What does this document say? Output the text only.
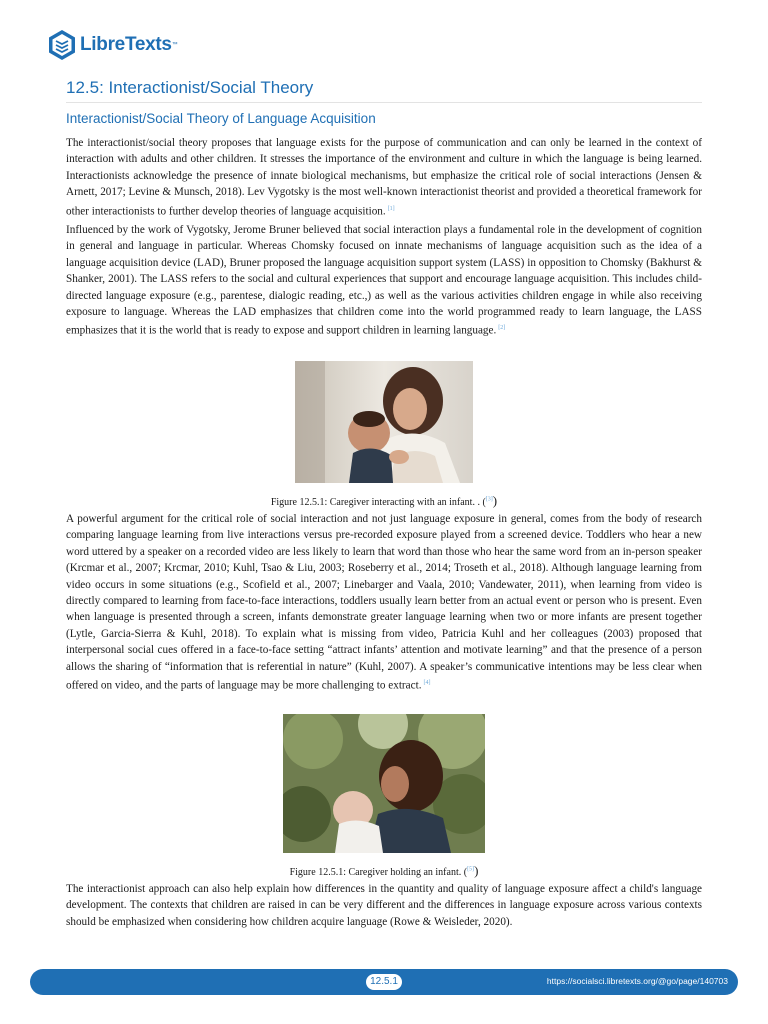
LibreTexts ™
12.5: Interactionist/Social Theory
Interactionist/Social Theory of Language Acquisition

The interactionist/social theory proposes that language exists for the purpose of communication and can only be learned in the context of interaction with adults and other children. It stresses the importance of the environment and culture in which the language is being learned. Interactionists acknowledge the presence of innate biological mechanisms, but emphasize the critical role of social interactions (Jensen & Arnett, 2017; Levine & Munsch, 2018). Lev Vygotsky is the most well-known interactionist theorist and provided a theoretical framework for other interactionists to further develop theories of language acquisition. [1]

Influenced by the work of Vygotsky, Jerome Bruner believed that social interaction plays a fundamental role in the development of cognition in general and language in particular. Whereas Chomsky focused on innate mechanisms of language acquisition such as the idea of a language acquisition device (LAD), Bruner proposed the language acquisition support system (LASS) in opposition to Chomsky (Bakhurst & Shanker, 2001). The LASS refers to the social and cultural experiences that support and encourage language acquisition. This includes child-directed language exposure (e.g., parentese, dialogic reading, etc.,) as well as the various activities children engage in while also receiving exposure to language. Whereas the LAD emphasizes that children come into the world programmed ready to learn language, the LASS emphasizes that it is the world that is ready to expose and support children in learning language. [2]

Figure 12.5.1: Caregiver interacting with an infant. . ([3])

A powerful argument for the critical role of social interaction and not just language exposure in general, comes from the body of research comparing language learning from live interactions versus pre-recorded exposure played from a screened device. Toddlers who hear a new word uttered by a speaker on a recorded video are less likely to learn that word than those who hear the same word from an in-person speaker (Krcmar et al., 2007; Krcmar, 2010; Kuhl, Tsao & Liu, 2003; Roseberry et al., 2014; Troseth et al., 2018). Although language learning from video occurs in some situations (e.g., Scofield et al., 2007; Linebarger and Vaala, 2010; Vandewater, 2011), when learning from video is directly compared to learning from face-to-face interactions, toddlers usually learn better from an actual event or person who is present. Even when language is presented through a screen, infants demonstrate greater language learning when two or more infants are present together (Lytle, Garcia-Sierra & Kuhl, 2018). To explain what is missing from video, Patricia Kuhl and her colleagues (2003) proposed that interpersonal social cues offered in a face-to-face setting “attract infants’ attention and motivate learning” and that the presence of a person allows the sharing of “information that is referential in nature” (Kuhl, 2007). A speaker’s communicative intentions may be less clear when offered on video, and the parts of language may be more challenging to extract. [4]

Figure 12.5.1: Caregiver holding an infant. ([5])

The interactionist approach can also help explain how differences in the quantity and quality of language exposure affect a child's language development. The contexts that children are raised in can be very different and the differences in language exposure across various contexts should be emphasized when considering how children acquire language (Rowe & Weisleder, 2020).

12.5.1	https://socialsci.libretexts.org/@go/page/140703
